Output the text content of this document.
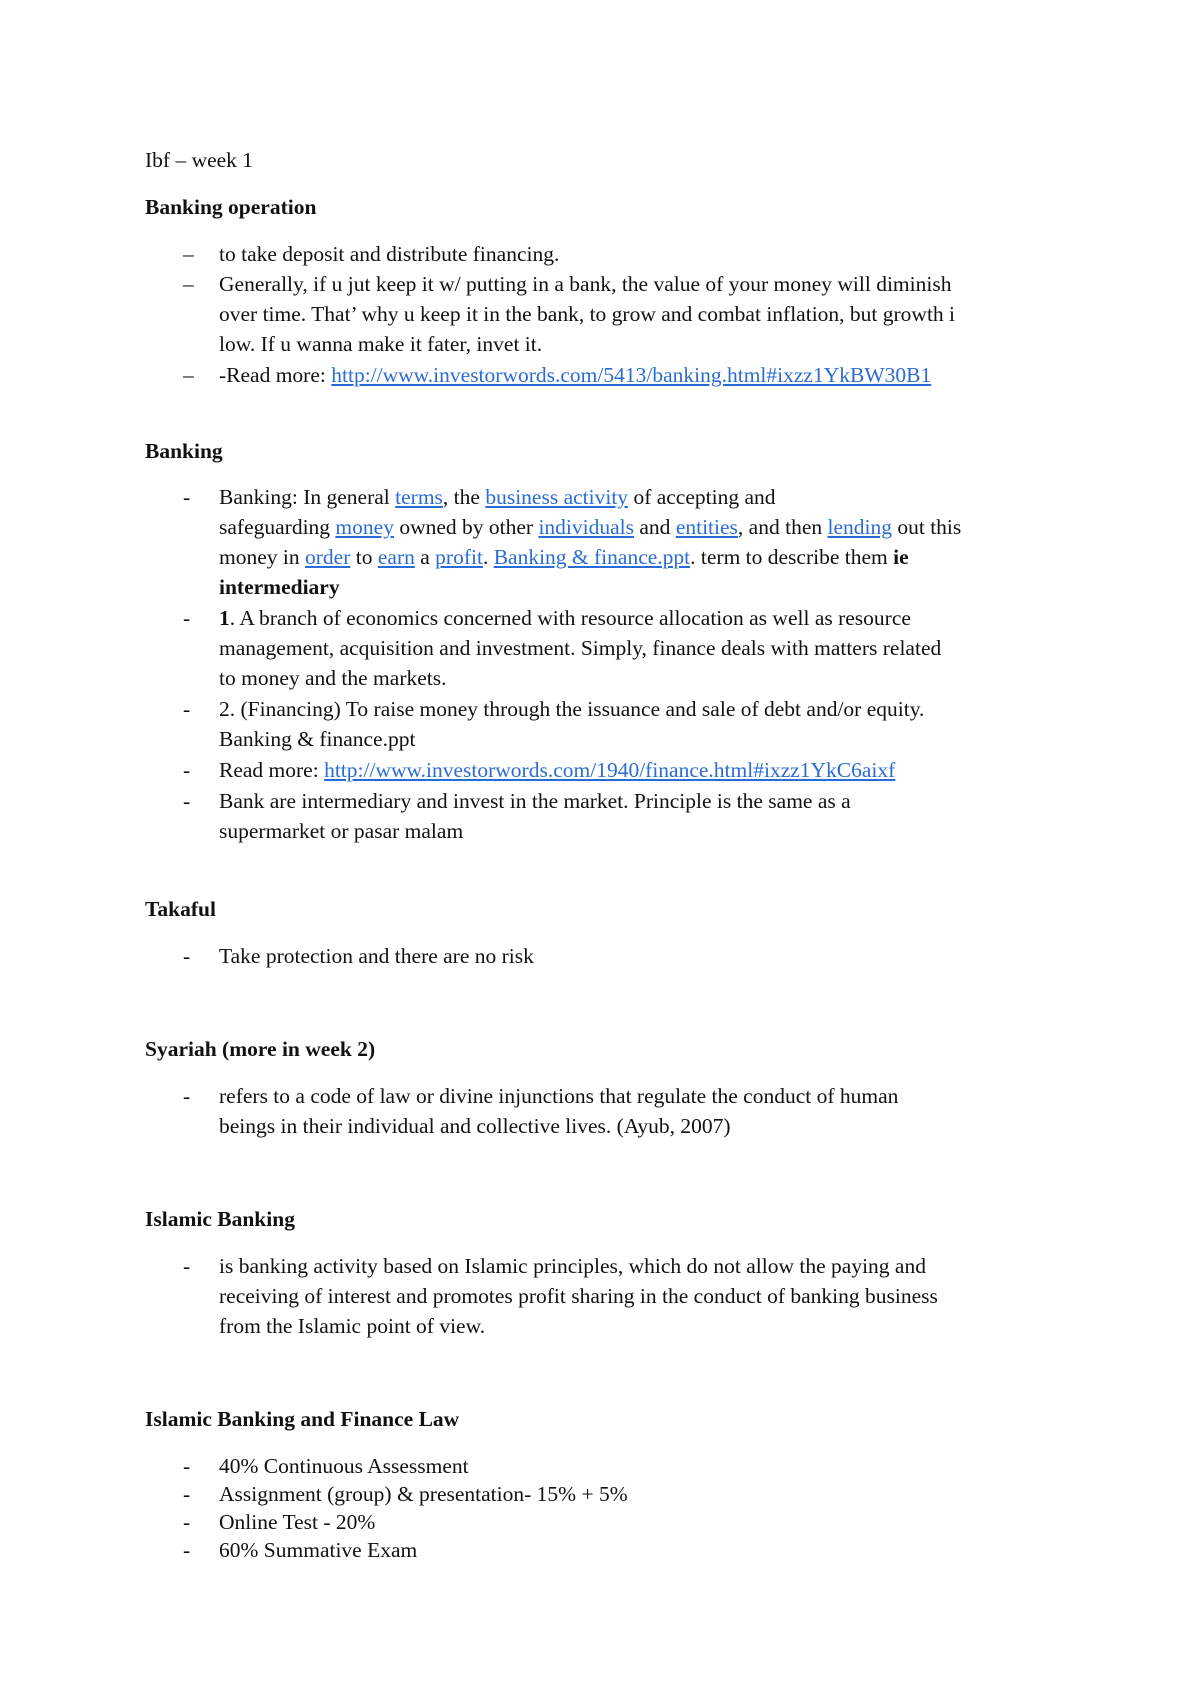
Ibf – week 1
Banking operation
– to take deposit and distribute financing.
– Generally, if u jut keep it w/ putting in a bank, the value of your money will diminish
over time. That’ why u keep it in the bank, to grow and combat inflation, but growth i
low. If u wanna make it fater, invet it.
– -Read more: http://www.investorwords.com/5413/banking.html#ixzz1YkBW30B1
Banking
- Banking: In general terms, the business activity of accepting and
safeguarding money owned by other individuals and entities, and then lending out this
money in order to earn a profit. Banking & finance.ppt. term to describe them ie
intermediary
- 1. A branch of economics concerned with resource allocation as well as resource
management, acquisition and investment. Simply, finance deals with matters related
to money and the markets.
- 2. (Financing) To raise money through the issuance and sale of debt and/or equity.
Banking & finance.ppt
- Read more: http://www.investorwords.com/1940/finance.html#ixzz1YkC6aixf
- Bank are intermediary and invest in the market. Principle is the same as a
supermarket or pasar malam
Takaful
- Take protection and there are no risk
Syariah (more in week 2)
- refers to a code of law or divine injunctions that regulate the conduct of human
beings in their individual and collective lives. (Ayub, 2007)
Islamic Banking
- is banking activity based on Islamic principles, which do not allow the paying and
receiving of interest and promotes profit sharing in the conduct of banking business
from the Islamic point of view.
Islamic Banking and Finance Law
- 40% Continuous Assessment
- Assignment (group) & presentation- 15% + 5%
- Online Test - 20%
- 60% Summative Exam
